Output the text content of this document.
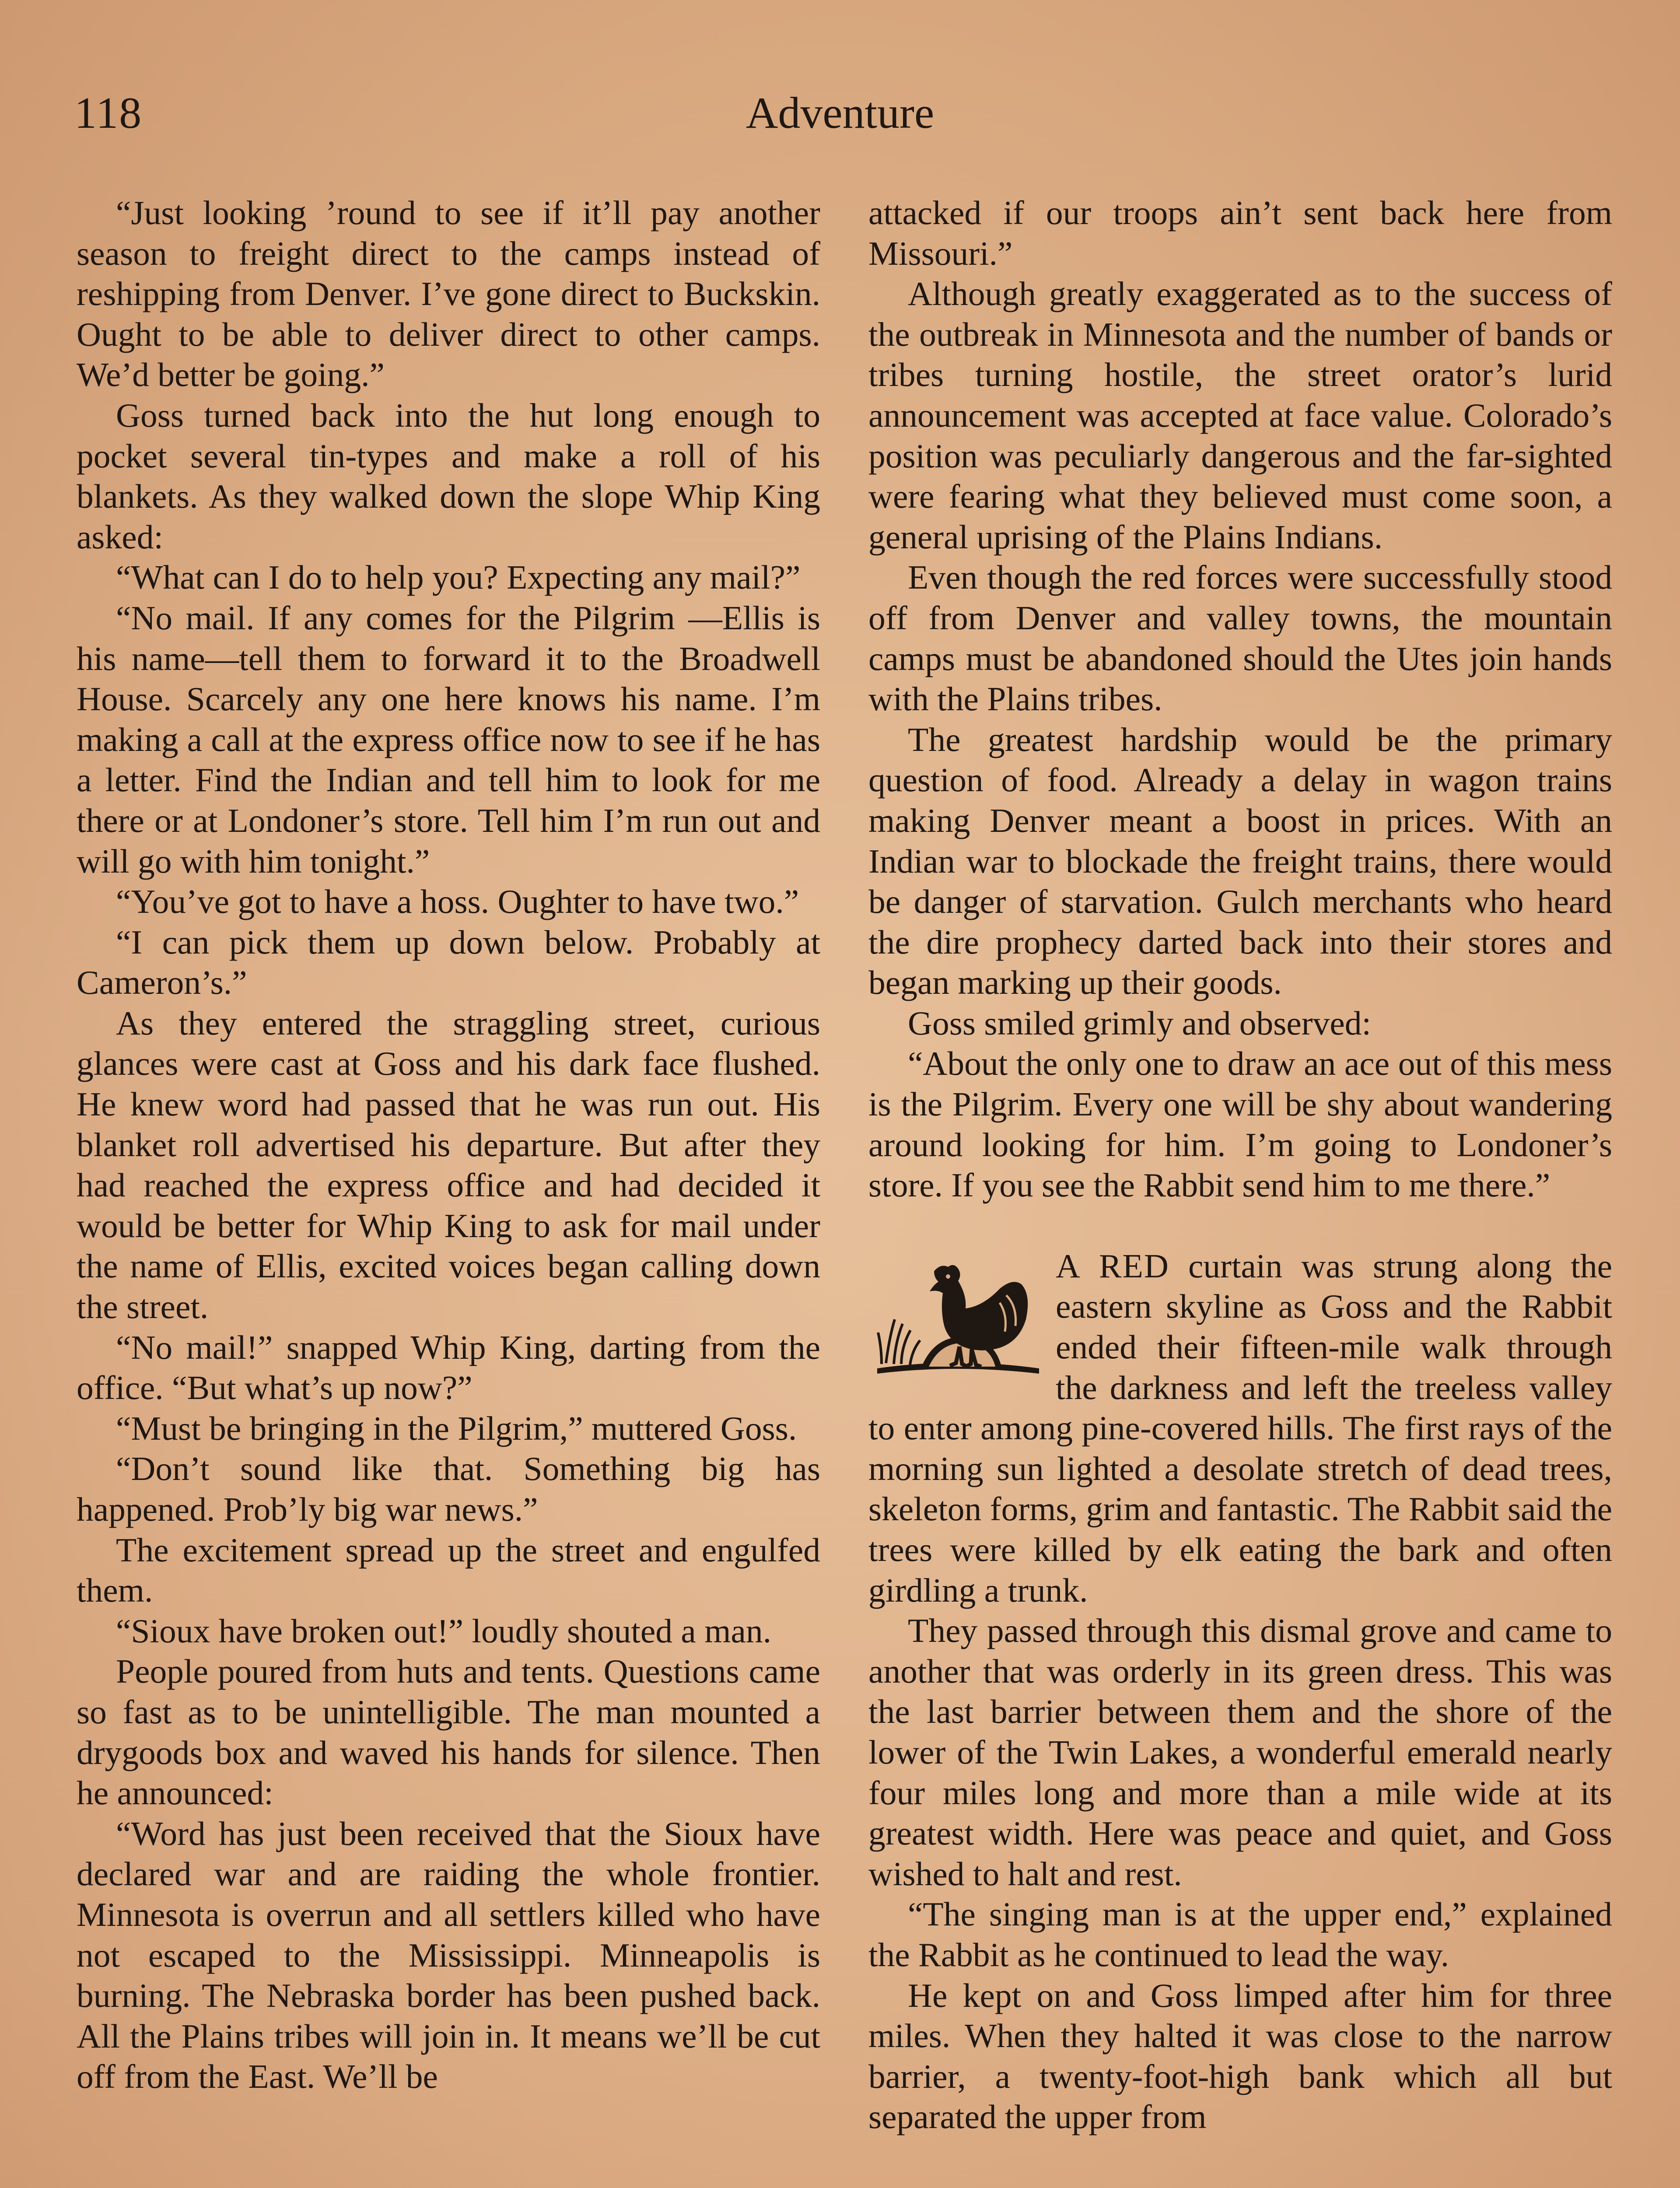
118	Adventure

“Just looking ’round to see if it’ll pay another season to freight direct to the camps instead of reshipping from Denver. I’ve gone direct to Buckskin. Ought to be able to deliver direct to other camps. We’d better be going.”

Goss turned back into the hut long enough to pocket several tin-types and make a roll of his blankets. As they walked down the slope Whip King asked:

“What can I do to help you? Expecting any mail?”

“No mail. If any comes for the Pilgrim —Ellis is his name—tell them to forward it to the Broadwell House. Scarcely any one here knows his name. I’m making a call at the express office now to see if he has a letter. Find the Indian and tell him to look for me there or at Londoner’s store. Tell him I’m run out and will go with him tonight.”

“You’ve got to have a hoss. Oughter to have two.”

“I can pick them up down below. Probably at Cameron’s.”

As they entered the straggling street, curious glances were cast at Goss and his dark face flushed. He knew word had passed that he was run out. His blanket roll advertised his departure. But after they had reached the express office and had decided it would be better for Whip King to ask for mail under the name of Ellis, excited voices began calling down the street.

“No mail!” snapped Whip King, darting from the office. “But what’s up now?”

“Must be bringing in the Pilgrim,” muttered Goss.

“Don’t sound like that. Something big has happened. Prob’ly big war news.”

The excitement spread up the street and engulfed them.

“Sioux have broken out!” loudly shouted a man.

People poured from huts and tents. Questions came so fast as to be unintelligible. The man mounted a drygoods box and waved his hands for silence. Then he announced:

“Word has just been received that the Sioux have declared war and are raiding the whole frontier. Minnesota is overrun and all settlers killed who have not escaped to the Mississippi. Minneapolis is burning. The Nebraska border has been pushed back. All the Plains tribes will join in. It means we’ll be cut off from the East. We’ll be

attacked if our troops ain’t sent back here from Missouri.”

Although greatly exaggerated as to the success of the outbreak in Minnesota and the number of bands or tribes turning hostile, the street orator’s lurid announcement was accepted at face value. Colorado’s position was peculiarly dangerous and the far-sighted were fearing what they believed must come soon, a general uprising of the Plains Indians.

Even though the red forces were successfully stood off from Denver and valley towns, the mountain camps must be abandoned should the Utes join hands with the Plains tribes.

The greatest hardship would be the primary question of food. Already a delay in wagon trains making Denver meant a boost in prices. With an Indian war to blockade the freight trains, there would be danger of starvation. Gulch merchants who heard the dire prophecy darted back into their stores and began marking up their goods.

Goss smiled grimly and observed:

“About the only one to draw an ace out of this mess is the Pilgrim. Every one will be shy about wandering around looking for him. I’m going to Londoner’s store. If you see the Rabbit send him to me there.”

A RED curtain was strung along the eastern skyline as Goss and the Rabbit ended their fifteen-mile walk through the darkness and left the treeless valley to enter among pine-covered hills. The first rays of the morning sun lighted a desolate stretch of dead trees, skeleton forms, grim and fantastic. The Rabbit said the trees were killed by elk eating the bark and often girdling a trunk.

They passed through this dismal grove and came to another that was orderly in its green dress. This was the last barrier between them and the shore of the lower of the Twin Lakes, a wonderful emerald nearly four miles long and more than a mile wide at its greatest width. Here was peace and quiet, and Goss wished to halt and rest.

“The singing man is at the upper end,” explained the Rabbit as he continued to lead the way.

He kept on and Goss limped after him for three miles. When they halted it was close to the narrow barrier, a twenty-foot-high bank which all but separated the upper from
